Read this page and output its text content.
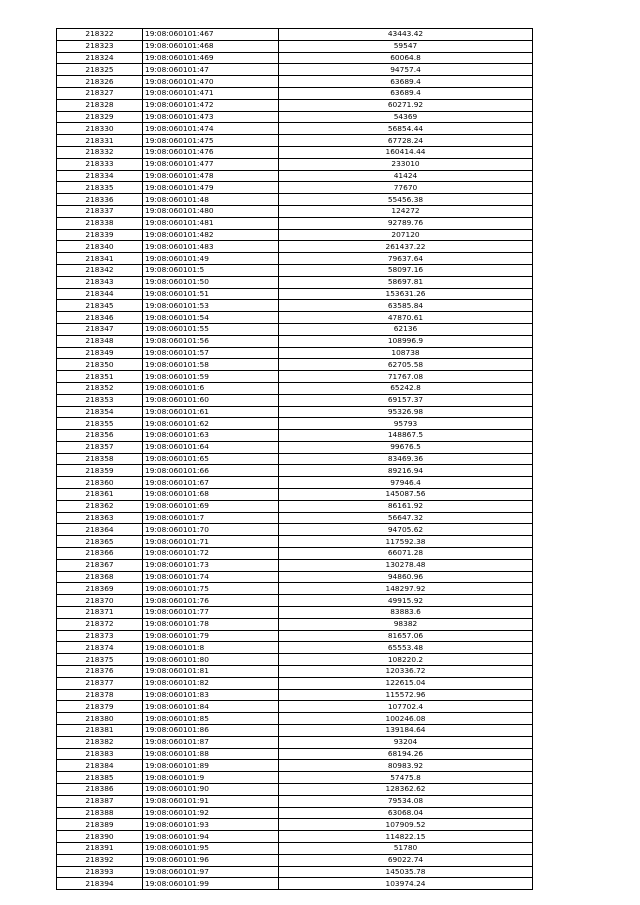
218322	19:08:060101:467	43443.42
218323	19:08:060101:468	59547
218324	19:08:060101:469	60064.8
218325	19:08:060101:47	94757.4
218326	19:08:060101:470	63689.4
218327	19:08:060101:471	63689.4
218328	19:08:060101:472	60271.92
218329	19:08:060101:473	54369
218330	19:08:060101:474	56854.44
218331	19:08:060101:475	67728.24
218332	19:08:060101:476	160414.44
218333	19:08:060101:477	233010
218334	19:08:060101:478	41424
218335	19:08:060101:479	77670
218336	19:08:060101:48	55456.38
218337	19:08:060101:480	124272
218338	19:08:060101:481	92789.76
218339	19:08:060101:482	207120
218340	19:08:060101:483	261437.22
218341	19:08:060101:49	79637.64
218342	19:08:060101:5	58097.16
218343	19:08:060101:50	58697.81
218344	19:08:060101:51	153631.26
218345	19:08:060101:53	63585.84
218346	19:08:060101:54	47870.61
218347	19:08:060101:55	62136
218348	19:08:060101:56	108996.9
218349	19:08:060101:57	108738
218350	19:08:060101:58	62705.58
218351	19:08:060101:59	71767.08
218352	19:08:060101:6	65242.8
218353	19:08:060101:60	69157.37
218354	19:08:060101:61	95326.98
218355	19:08:060101:62	95793
218356	19:08:060101:63	148867.5
218357	19:08:060101:64	99676.5
218358	19:08:060101:65	83469.36
218359	19:08:060101:66	89216.94
218360	19:08:060101:67	97946.4
218361	19:08:060101:68	145087.56
218362	19:08:060101:69	86161.92
218363	19:08:060101:7	56647.32
218364	19:08:060101:70	94705.62
218365	19:08:060101:71	117592.38
218366	19:08:060101:72	66071.28
218367	19:08:060101:73	130278.48
218368	19:08:060101:74	94860.96
218369	19:08:060101:75	148297.92
218370	19:08:060101:76	49915.92
218371	19:08:060101:77	83883.6
218372	19:08:060101:78	98382
218373	19:08:060101:79	81657.06
218374	19:08:060101:8	65553.48
218375	19:08:060101:80	108220.2
218376	19:08:060101:81	120336.72
218377	19:08:060101:82	122615.04
218378	19:08:060101:83	115572.96
218379	19:08:060101:84	107702.4
218380	19:08:060101:85	100246.08
218381	19:08:060101:86	139184.64
218382	19:08:060101:87	93204
218383	19:08:060101:88	68194.26
218384	19:08:060101:89	80983.92
218385	19:08:060101:9	57475.8
218386	19:08:060101:90	128362.62
218387	19:08:060101:91	79534.08
218388	19:08:060101:92	63068.04
218389	19:08:060101:93	107909.52
218390	19:08:060101:94	114822.15
218391	19:08:060101:95	51780
218392	19:08:060101:96	69022.74
218393	19:08:060101:97	145035.78
218394	19:08:060101:99	103974.24
